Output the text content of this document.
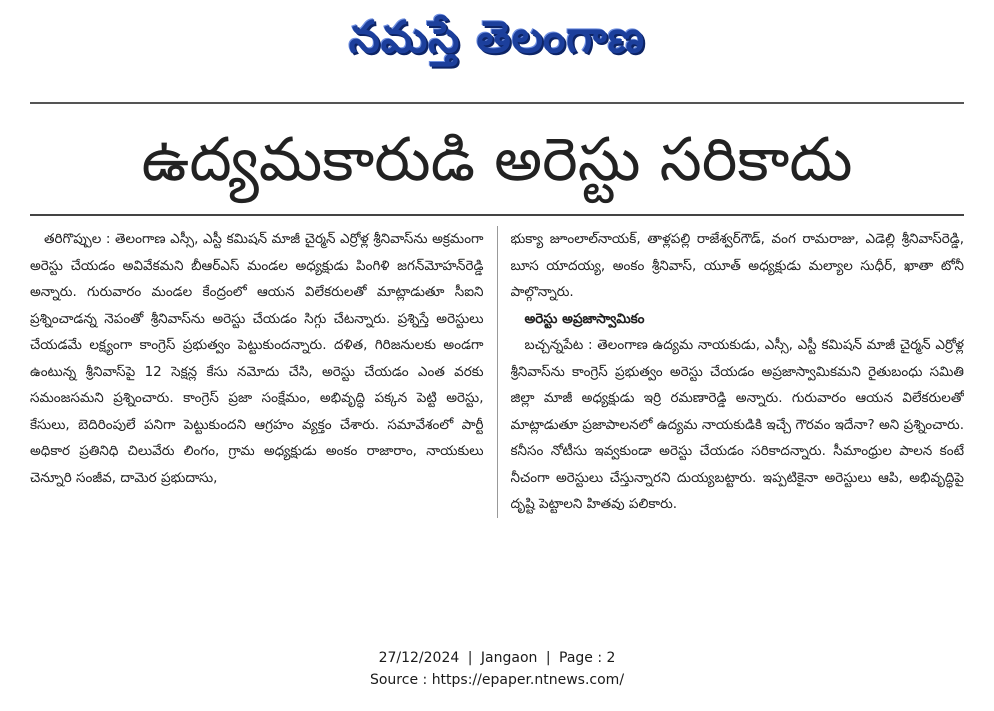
నమస్తే తెలంగాణ
ఉద్యమకారుడి అరెస్టు సరికాదు

తరిగొప్పుల : తెలంగాణ ఎస్సీ, ఎస్టీ కమిషన్ మాజీ చైర్మన్ ఎర్రోళ్ల శ్రీనివాస్‌ను అక్రమంగా అరెస్టు చేయడం అవివేకమని బీఆర్‌ఎస్ మండల అధ్యక్షుడు పింగిళి జగన్‌మోహన్‌రెడ్డి అన్నారు. గురువారం మండల కేంద్రంలో ఆయన విలేకరులతో మాట్లాడుతూ సీఐని ప్రశ్నించాడన్న నెపంతో శ్రీనివాస్‌ను అరెస్టు చేయడం సిగ్గు చేటన్నారు. ప్రశ్నిస్తే అరెస్టులు చేయడమే లక్ష్యంగా కాంగ్రెస్ ప్రభుత్వం పెట్టుకుందన్నారు. దళిత, గిరిజనులకు అండగా ఉంటున్న శ్రీనివాస్‌పై 12 సెక్షన్ల కేసు నమోదు చేసి, అరెస్టు చేయడం ఎంత వరకు సమంజసమని ప్రశ్నించారు. కాంగ్రెస్ ప్రజా సంక్షేమం, అభివృద్ధి పక్కన పెట్టి అరెస్టు, కేసులు, బెదిరింపులే పనిగా పెట్టుకుందని ఆగ్రహం వ్యక్తం చేశారు. సమావేశంలో పార్టీ అధికార ప్రతినిధి చిలువేరు లింగం, గ్రామ అధ్యక్షుడు అంకం రాజారాం, నాయకులు చెన్నూరి సంజీవ, దామెర ప్రభుదాసు,

భుక్యా జూంలాల్‌నాయక్, తాళ్లపల్లి రాజేశ్వర్‌గౌడ్, వంగ రామరాజు, ఎడెల్లి శ్రీనివాస్‌రెడ్డి, బూస యాదయ్య, అంకం శ్రీనివాస్, యూత్ అధ్యక్షుడు మల్యాల సుధీర్, ఖాతా టోనీ పాల్గొన్నారు.

అరెస్టు అప్రజాస్వామికం

బచ్చన్నపేట : తెలంగాణ ఉద్యమ నాయకుడు, ఎస్సీ, ఎస్టీ కమిషన్ మాజీ చైర్మన్ ఎర్రోళ్ల శ్రీనివాస్‌ను కాంగ్రెస్ ప్రభుత్వం అరెస్టు చేయడం అప్రజాస్వామికమని రైతుబంధు సమితి జిల్లా మాజీ అధ్యక్షుడు ఇర్రి రమణారెడ్డి అన్నారు. గురువారం ఆయన విలేకరులతో మాట్లాడుతూ ప్రజాపాలనలో ఉద్యమ నాయకుడికి ఇచ్చే గౌరవం ఇదేనా? అని ప్రశ్నించారు. కనీసం నోటీసు ఇవ్వకుండా అరెస్టు చేయడం సరికాదన్నారు. సీమాంధ్రుల పాలన కంటే నీచంగా అరెస్టులు చేస్తున్నారని దుయ్యబట్టారు. ఇప్పటికైనా అరెస్టులు ఆపి, అభివృద్ధిపై దృష్టి పెట్టాలని హితవు పలికారు.

27/12/2024 | Jangaon | Page : 2
Source : https://epaper.ntnews.com/
